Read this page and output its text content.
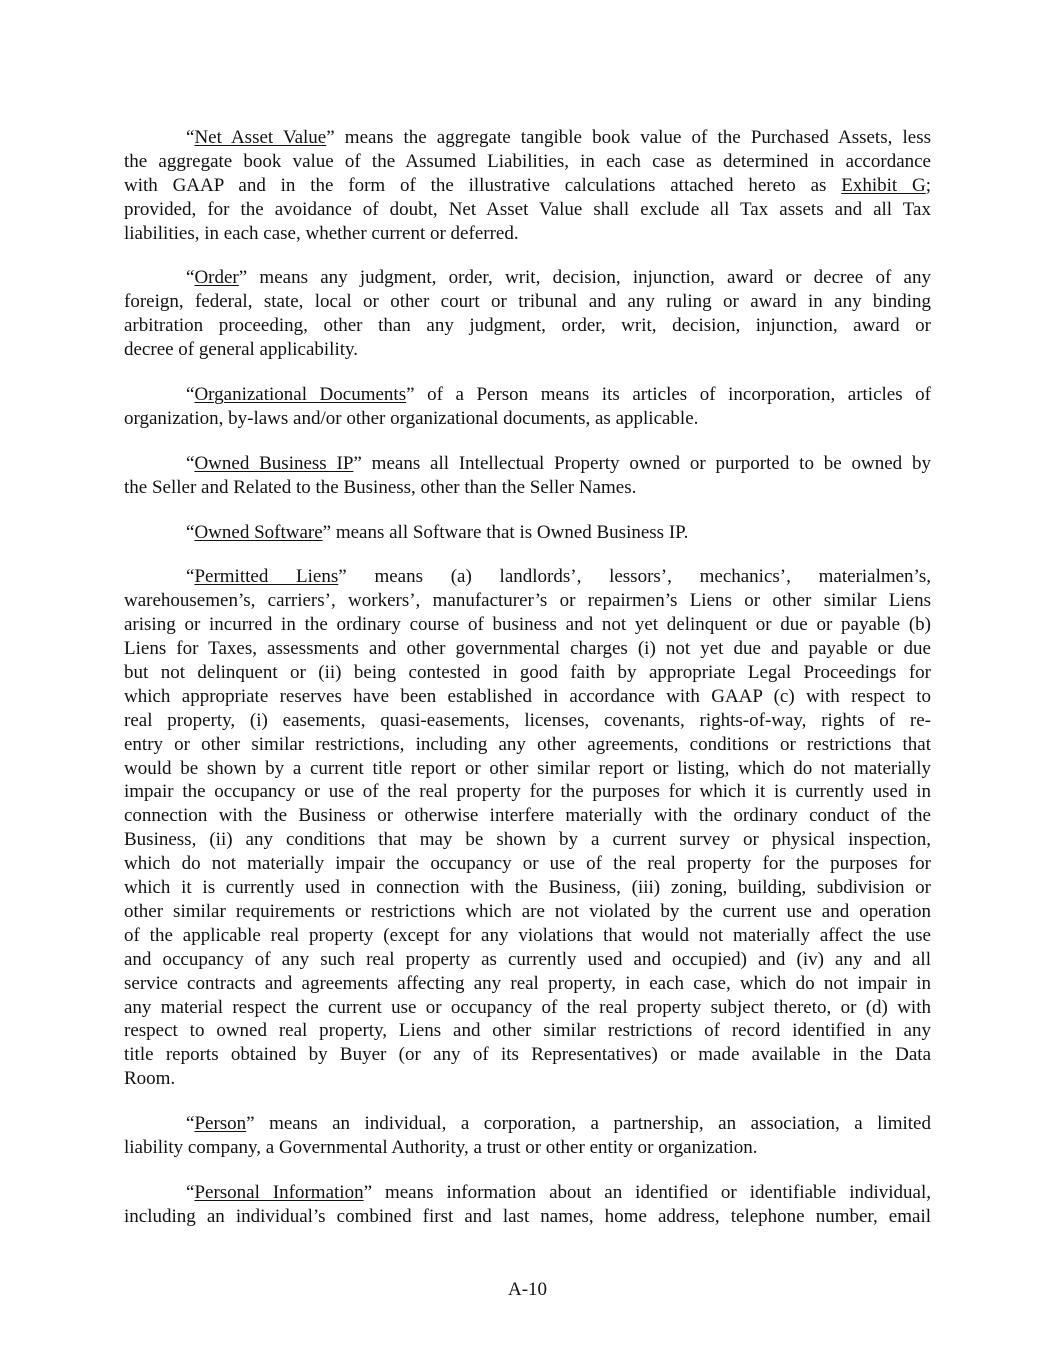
“Net Asset Value” means the aggregate tangible book value of the Purchased Assets, less
the aggregate book value of the Assumed Liabilities, in each case as determined in accordance
with GAAP and in the form of the illustrative calculations attached hereto as Exhibit G;
provided, for the avoidance of doubt, Net Asset Value shall exclude all Tax assets and all Tax
liabilities, in each case, whether current or deferred.
“Order” means any judgment, order, writ, decision, injunction, award or decree of any
foreign, federal, state, local or other court or tribunal and any ruling or award in any binding
arbitration proceeding, other than any judgment, order, writ, decision, injunction, award or
decree of general applicability.
“Organizational Documents” of a Person means its articles of incorporation, articles of
organization, by-laws and/or other organizational documents, as applicable.
“Owned Business IP” means all Intellectual Property owned or purported to be owned by
the Seller and Related to the Business, other than the Seller Names.
“Owned Software” means all Software that is Owned Business IP.
“Permitted Liens” means (a) landlords’, lessors’, mechanics’, materialmen’s,
warehousemen’s, carriers’, workers’, manufacturer’s or repairmen’s Liens or other similar Liens
arising or incurred in the ordinary course of business and not yet delinquent or due or payable (b)
Liens for Taxes, assessments and other governmental charges (i) not yet due and payable or due
but not delinquent or (ii) being contested in good faith by appropriate Legal Proceedings for
which appropriate reserves have been established in accordance with GAAP (c) with respect to
real property, (i) easements, quasi-easements, licenses, covenants, rights-of-way, rights of re-
entry or other similar restrictions, including any other agreements, conditions or restrictions that
would be shown by a current title report or other similar report or listing, which do not materially
impair the occupancy or use of the real property for the purposes for which it is currently used in
connection with the Business or otherwise interfere materially with the ordinary conduct of the
Business, (ii) any conditions that may be shown by a current survey or physical inspection,
which do not materially impair the occupancy or use of the real property for the purposes for
which it is currently used in connection with the Business, (iii) zoning, building, subdivision or
other similar requirements or restrictions which are not violated by the current use and operation
of the applicable real property (except for any violations that would not materially affect the use
and occupancy of any such real property as currently used and occupied) and (iv) any and all
service contracts and agreements affecting any real property, in each case, which do not impair in
any material respect the current use or occupancy of the real property subject thereto, or (d) with
respect to owned real property, Liens and other similar restrictions of record identified in any
title reports obtained by Buyer (or any of its Representatives) or made available in the Data
Room.
“Person” means an individual, a corporation, a partnership, an association, a limited
liability company, a Governmental Authority, a trust or other entity or organization.
“Personal Information” means information about an identified or identifiable individual,
including an individual’s combined first and last names, home address, telephone number, email
A-10
